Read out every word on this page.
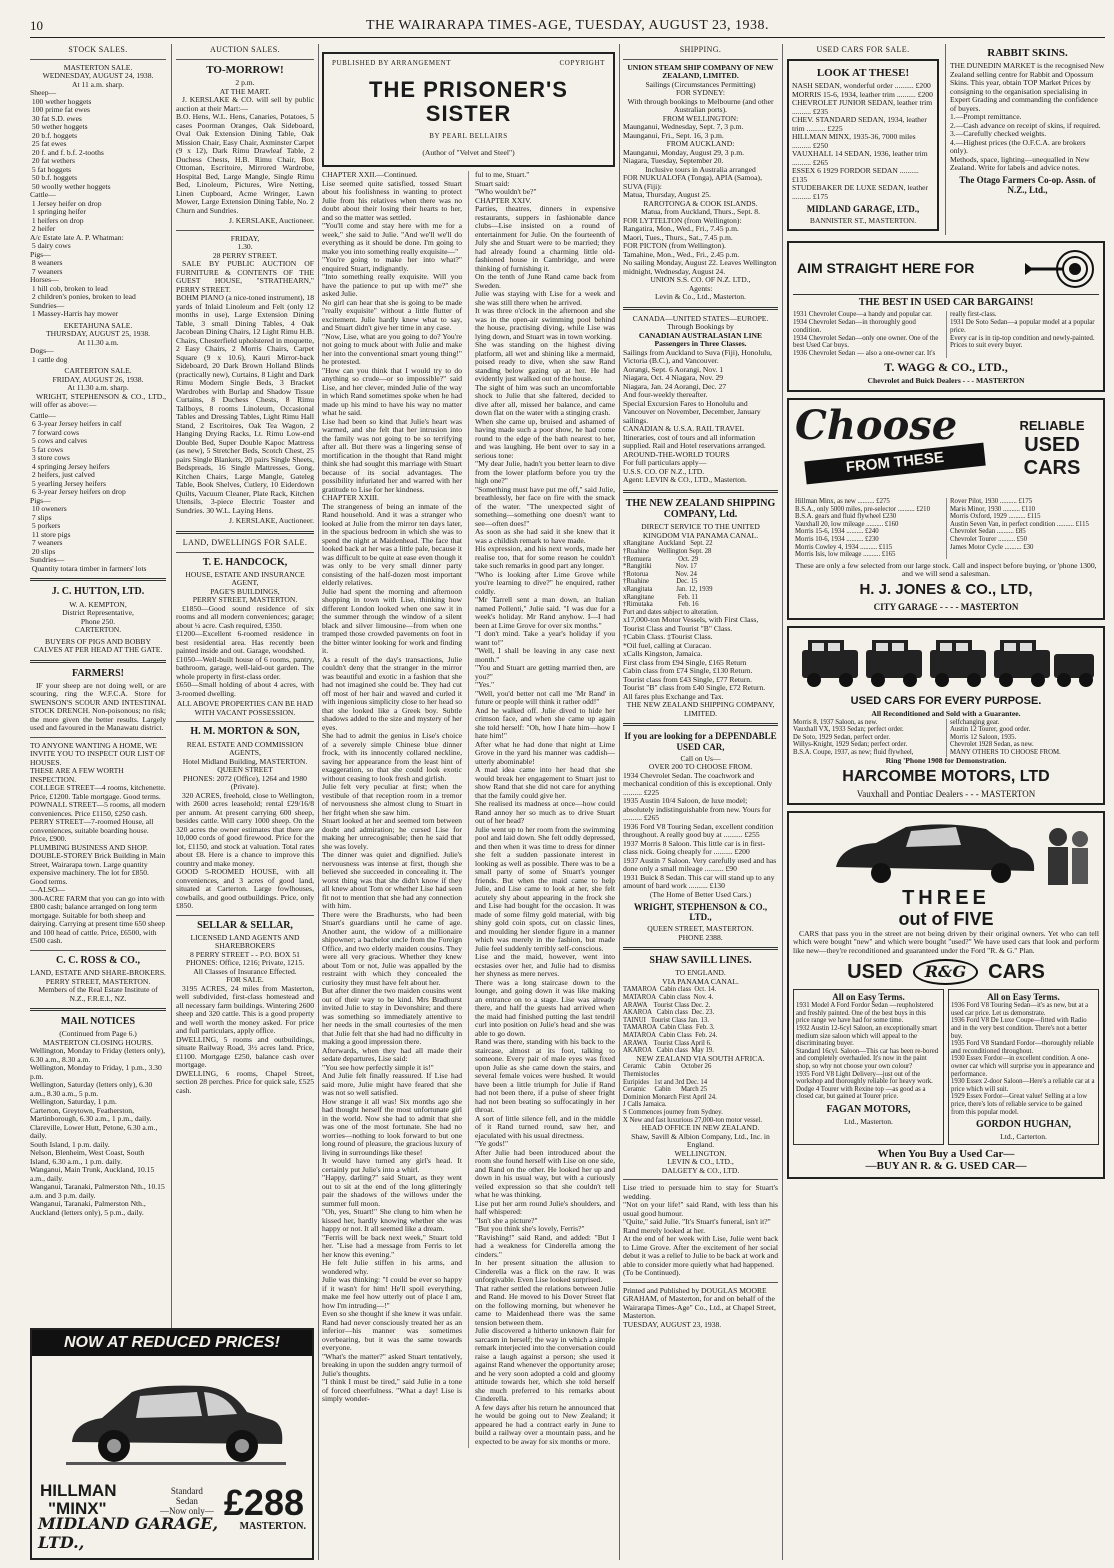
10	THE WAIRARAPA TIMES-AGE, TUESDAY, AUGUST 23, 1938.
STOCK SALES.
MASTERTON SALE.
WEDNESDAY, AUGUST 24, 1938.
At 11 a.m. sharp.
Sheep—
100 wether hoggets
100 prime fat ewes
30 fat S.D. ewes
50 wether hoggets
20 b.f. hoggets
25 fat ewes
20 f. and f. b.f. 2-tooths
20 fat wethers
5 fat hoggets
50 b.f. hoggets
50 woolly wether hoggets
Cattle—
1 Jersey heifer on drop
1 springing heifer
1 heifers on drop
2 heifer
A/c Estate late A. P. Whatman:
5 dairy cows
Pigs—
8 weaners
7 weaners
Horses—
1 hill cob, broken to lead
2 children's ponies, broken to lead
Sundries—
1 Massey-Harris hay mower
EKETAHUNA SALE.
THURSDAY, AUGUST 25, 1938.
At 11.30 a.m.
Dogs—
1 cattle dog
CARTERTON SALE.
FRIDAY, AUGUST 26, 1938.
At 11.30 a.m. sharp.
WRIGHT, STEPHENSON & CO., LTD., will offer as above:—
Cattle—
6 3-year Jersey heifers in calf
7 forward cows
5 cows and calves
5 fat cows
3 store cows
4 springing Jersey heifers
2 heifers, just calved
5 yearling Jersey heifers
6 3-year Jersey heifers on drop
Pigs—
10 oweners
7 slips
5 porkers
11 store pigs
7 weaners
20 slips
Sundries—
Quantity totara timber in farmers' lots
J. C. HUTTON, LTD.
W. A. KEMPTON,
District Representative,
Phone 250.
CARTERTON.
BUYERS OF PIGS AND BOBBY CALVES AT PER HEAD AT THE GATE.
FARMERS!
IF your sheep are not doing well, or are scouring, ring the W.F.C.A. Store for SWENSON'S SCOUR AND INTESTINAL STOCK DRENCH. Non-poisonous; no risk; the more given the better results. Largely used and favoured in the Manawatu district.
TO ANYONE WANTING A HOME, WE INVITE YOU TO INSPECT OUR LIST OF HOUSES.
THESE ARE A FEW WORTH INSPECTION.
COLLEGE STREET—4 rooms, kitchenette. Price, £1200. Table mortgage. Good terms.
POWNALL STREET—5 rooms, all modern conveniences. Price £1150, £250 cash.
PERRY STREET—7-roomed House, all conveniences, suitable boarding house. Price, £900.
PLUMBING BUSINESS AND SHOP. DOUBLE-STOREY Brick Building in Main Street, Wairarapa town. Large quantity expensive machinery. The lot for £850. Good terms.
—ALSO—
300-ACRE FARM that you can go into with £800 cash; balance arranged on long term mortgage. Suitable for both sheep and dairying. Carrying at present time 650 sheep and 100 head of cattle. Price, £6500, with £500 cash.
C. C. ROSS & CO.,
LAND, ESTATE AND SHARE-BROKERS.
PERRY STREET, MASTERTON.
Members of the Real Estate Institute of N.Z., F.R.E.I., NZ.
MAIL NOTICES
(Continued from Page 6.)
MASTERTON CLOSING HOURS.
Wellington, Monday to Friday (letters only), 6.30 a.m., 8.30 a.m.
Wellington, Monday to Friday, 1 p.m., 3.30 p.m.
Wellington, Saturday (letters only), 6.30 a.m., 8.30 a.m., 5 p.m.
Wellington, Saturday, 1 p.m.
Carterton, Greytown, Featherston, Martinborough, 6.30 a.m., 1 p.m., daily.
Clareville, Lower Hutt, Petone, 6.30 a.m., daily.
South Island, 1 p.m. daily.
Nelson, Blenheim, West Coast, South Island, 6.30 a.m., 1 p.m. daily.
Wanganui, Main Trunk, Auckland, 10.15 a.m., daily.
Wanganui, Taranaki, Palmerston Nth., 10.15 a.m. and 3 p.m. daily.
Wanganui, Taranaki, Palmerston Nth., Auckland (letters only), 5 p.m., daily.
AUCTION SALES.
TO-MORROW!
2 p.m.
AT THE MART.
J. KERSLAKE & CO. will sell by public auction at their Mart:—
B.O. Hens, W.L. Hens, Canaries, Potatoes, 5 cases Poorman Oranges, Oak Sideboard, Oval Oak Extension Dining Table, Oak Mission Chair, Easy Chair, Axminster Carpet (9 x 12), Dark Rimu Drawleaf Table, 2 Duchess Chests, H.B. Rimu Chair, Box Ottoman, Escritoire, Mirrored Wardrobe, Hospital Bed, Large Mangle, Single Rimu Bed, Linoleum, Pictures, Wire Netting, Linen Cupboard, Acme Wringer, Lawn Mower, Large Extension Dining Table, No. 2 Churn and Sundries.
J. KERSLAKE, Auctioneer.
FRIDAY,
1.30.
28 PERRY STREET.
SALE BY PUBLIC AUCTION OF FURNITURE & CONTENTS OF THE GUEST HOUSE, "STRATHEARN," PERRY STREET.
BOHM PIANO (a nice-toned instrument), 18 yards of Inlaid Linoleum and Felt (only 12 months in use), Large Extension Dining Table, 3 small Dining Tables, 4 Oak Jacobean Dining Chairs, 12 Light Rimu H.B. Chairs, Chesterfield upholstered in moquette, 2 Easy Chairs, 2 Morris Chairs, Carpet Square (9 x 10.6), Kauri Mirror-back Sideboard, 20 Dark Brown Holland Blinds (practically new), Curtains, 8 Light and Dark Rimu Modern Single Beds, 3 Bracket Wardrobes with Burlap and Shadow Tissue Curtains, 8 Duchess Chests, 8 Rimu Tallboys, 8 rooms Linoleum, Occasional Tables and Dressing Tables, Light Rimu Hall Stand, 2 Escritoires, Oak Tea Wagon, 2 Hanging Drying Racks, Lt. Rimu Low-end Double Bed, Super Double Kapoc Mattress (as new), 5 Stretcher Beds, Scotch Chest, 25 pairs Single Blankets, 20 pairs Single Sheets, Bedspreads, 16 Single Mattresses, Gong, Kitchen Chairs, Large Mangle, Gateleg Table, Book Shelves, Cutlery, 10 Eiderdown Quilts, Vacuum Cleaner, Plate Rack, Kitchen Utensils, 3-piece Electric Toaster and Sundries. 30 W.L. Laying Hens.
J. KERSLAKE, Auctioneer.
LAND, DWELLINGS FOR SALE.
T. E. HANDCOCK,
HOUSE, ESTATE AND INSURANCE AGENT,
PAGE'S BUILDINGS,
PERRY STREET, MASTERTON.
£1850—Good sound residence of six rooms and all modern conveniences; garage; about ¼ acre. Cash required, £350.
£1200—Excellent 6-roomed residence in best residential area. Has recently been painted inside and out. Garage, woodshed.
£1050—Well-built house of 6 rooms, pantry, bathroom, garage, well-laid-out garden. The whole property in first-class order.
£650—Small holding of about 4 acres, with 3-roomed dwelling.
ALL ABOVE PROPERTIES CAN BE HAD WITH VACANT POSSESSION.
H. M. MORTON & SON,
REAL ESTATE AND COMMISSION AGENTS,
Hotel Midland Building, MASTERTON.
QUEEN STREET
PHONES: 2072 (Office), 1264 and 1980 (Private).
320 ACRES, freehold, close to Wellington, with 2600 acres leasehold; rental £29/16/8 per annum. At present carrying 600 sheep, besides cattle. Will carry 1000 sheep. On the 320 acres the owner estimates that there are 10,000 cords of good firewood. Price for the lot, £1150, and stock at valuation. Total rates about £8. Here is a chance to improve this country and make money.
GOOD 5-ROOMED HOUSE, with all conveniences, and 3 acres of good land, situated at Carterton. Large fowlhouses, cowbails, and good outbuildings. Price, only £850.
SELLAR & SELLAR,
LICENSED LAND AGENTS AND SHAREBROKERS
8 PERRY STREET - - P.O. BOX 51
PHONES: Office, 1216; Private, 1215.
All Classes of Insurance Effected.
FOR SALE.
3195 ACRES, 24 miles from Masterton, well subdivided, first-class homestead and all necessary farm buildings. Wintering 2600 sheep and 320 cattle. This is a good property and well worth the money asked. For price and full particulars, apply office.
DWELLING, 5 rooms and outbuildings, situate Railway Road, 3½ acres land. Price, £1100. Mortgage £250, balance cash over mortgage.
DWELLING, 6 rooms, Chapel Street, section 28 perches. Price for quick sale, £525 cash.
NOW AT REDUCED PRICES!
HILLMAN
"MINX"
Standard
Sedan
—Now only— £288
MIDLAND GARAGE, LTD.,
MASTERTON.
PUBLISHED BY ARRANGEMENT	COPYRIGHT
THE PRISONER'S SISTER
BY PEARL BELLAIRS
(Author of "Velvet and Steel")
CHAPTER XXII.—Continued.
Lise seemed quite satisfied, tossed Stuart about his foolishness in wanting to protect Julie from his relatives when there was no doubt about their losing their hearts to her, and so the matter was settled.
"You'll come and stay here with me for a week," she said to Julie. "And we'll we'll do everything as it should be done. I'm going to make you into something really exquisite—"
"You're going to make her into what?" enquired Stuart, indignantly.
"Into something really exquisite. Will you have the patience to put up with me?" she asked Julie.
No girl can hear that she is going to be made "really exquisite" without a little flutter of excitement. Julie hardly knew what to say, and Stuart didn't give her time in any case.
"Now, Lise, what are you going to do? You're not going to muck about with Julie and make her into the conventional smart young thing!" he protested.
"How can you think that I would try to do anything so crude—or so impossible?" said Lise, and her clever, minded Julie of the way in which Rand sometimes spoke when he had made up his mind to have his way no matter what he said.
Lise had been so kind that Julie's heart was warmed, and she felt that her intrusion into the family was not going to be so terrifying after all. But there was a lingering sense of mortification in the thought that Rand might think she had sought this marriage with Stuart because of its social advantages. The possibility infuriated her and warred with her gratitude to Lise for her kindness.
CHAPTER XXIII.
The strangeness of being an inmate of the Rand household. And it was a stranger who looked at Julie from the mirror ten days later, in the spacious bedroom in which she was to spend the night at Maidenhead. The face that looked back at her was a little pale, because it was difficult to be quite at ease even though it was only to be very small dinner party consisting of the half-dozen most important elderly relatives.
Julie had spent the morning and afternoon shopping in town with Lise, thinking how different London looked when one saw it in the summer through the window of a silent black and silver limousine—from when one tramped those crowded pavements on foot in the bitter winter looking for work and finding it.
As a result of the day's transactions, Julie couldn't deny that the stranger in the mirror was beautiful and exotic in a fashion that she had not imagined she could be. They had cut off most of her hair and waved and curled it with ingenious simplicity close to her head so that she looked like a Greek boy. Subtle shadows added to the size and mystery of her eyes.
She had to admit the genius in Lise's choice of a severely simple Chinese blue dinner frock, with its innocently collared neckline, saving her appearance from the least hint of exaggeration, so that she could look exotic without ceasing to look fresh and girlish.
Julie felt very peculiar at first; when the vestibule of that reception room in a tremor of nervousness she almost clung to Stuart in her fright when she saw him.
Stuart looked at her and seemed torn between doubt and admiration; he cursed Lise for making her unrecognisable; then he said that she was lovely.
The dinner was quiet and dignified. Julie's nervousness was intense at first, though she believed she succeeded in concealing it. The worst thing was that she didn't know if they all knew about Tom or whether Lise had seen fit not to mention that she had any connection with him.
There were the Bradhursts, who had been Stuart's guardians until he came of age. Another aunt, the widow of a millionaire shipowner; a bachelor uncle from the Foreign Office, and two elderly maiden cousins. They were all very gracious. Whether they knew about Tom or not, Julie was appalled by the restraint with which they concealed the curiosity they must have felt about her.
But after dinner the two maiden cousins went out of their way to be kind. Mrs Bradhurst invited Julie to stay in Devonshire; and there was something so immediately attentive to her needs in the small courtesies of the men that Julie felt that she had had no difficulty in making a good impression there.
Afterwards, when they had all made their sedate departures, Lise said:
"You see how perfectly simple it is!"
And Julie felt finally reassured. If Lise had said more, Julie might have feared that she was not so well satisfied.
How strange it all was! Six months ago she had thought herself the most unfortunate girl in the world. Now she had to admit that she was one of the most fortunate. She had no worries—nothing to look forward to but one long round of pleasure, the gracious luxury of living in surroundings like these!
It would have turned any girl's head. It certainly put Julie's into a whirl.
"Happy, darling?" said Stuart, as they went out to sit at the end of the long glitteringly pair the shadows of the willows under the summer full moon.
"Oh, yes, Stuart!" She clung to him when he kissed her, hardly knowing whether she was happy or not. It all seemed like a dream.
"Ferris will be back next week," Stuart told her. "Lise had a message from Ferris to let her know this evening."
He felt Julie stiffen in his arms, and wondered why.
Julie was thinking: "I could be ever so happy if it wasn't for him! He'll spoil everything, make me feel how utterly out of place I am, how I'm intruding—!"
Even so she thought if she knew it was unfair. Rand had never consciously treated her as an inferior—his manner was sometimes overbearing, but it was the same towards everyone.
"What's the matter?" asked Stuart tentatively, breaking in upon the sudden angry turmoil of Julie's thoughts.
"I think I must be tired," said Julie in a tone of forced cheerfulness. "What a day! Lise is simply wonder-
ful to me, Stuart."
Stuart said:
"Who wouldn't be?"
CHAPTER XXIV.
Parties, theatres, dinners in expensive restaurants, suppers in fashionable dance clubs—Lise insisted on a round of entertainment for Julie. On the fourteenth of July she and Stuart were to be married; they had already found a charming little old-fashioned house in Cambridge, and were thinking of furnishing it.
On the tenth of June Rand came back from Sweden.
Julie was staying with Lise for a week and she was still there when he arrived.
It was three o'clock in the afternoon and she was in the open-air swimming pool behind the house, practising diving, while Lise was lying down, and Stuart was in town working.
She was standing on the highest diving platform, all wet and shining like a mermaid, poised ready to dive, when she saw Rand standing below gazing up at her. He had evidently just walked out of the house.
The sight of him was such an uncomfortable shock to Julie that she faltered, decided to dive after all, missed her balance, and came down flat on the water with a stinging crash.
When she came up, bruised and ashamed of having made such a poor show, he had come round to the edge of the bath nearest to her, and was laughing. He bent over to say in a serious tone:
"My dear Julie, hadn't you better learn to dive from the lower platform before you try the high one?"
"Something must have put me off," said Julie, breathlessly, her face on fire with the smack of the water. "The unexpected sight of something—something one doesn't want to see—often does!"
As soon as she had said it she knew that it was a childish remark to have made.
His expression, and his next words, made her realise too, that for some reason he couldn't take such remarks in good part any longer.
"Who is looking after Lime Grove while you're learning to dive?" he enquired, rather coldly.
"Mr Tarrell sent a man down, an Italian named Pollenti," Julie said. "I was due for a week's holiday. Mr Rand anyhow. I—I had been at Lime Grove for over six months."
"I don't mind. Take a year's holiday if you want to!"
"Well, I shall be leaving in any case next month."
"You and Stuart are getting married then, are you?"
"Yes."
"Well, you'd better not call me 'Mr Rand' in future or people will think it rather odd!"
And he walked off. Julie dived to hide her crimson face, and when she came up again she told herself: "Oh, how I hate him—how I hate him!"
After what he had done that night at Lime Grove in the yard his manner was caddish—utterly abominable!
A mad idea came into her head that she would break her engagement to Stuart just to show Rand that she did not care for anything that the family could give her.
She realised its madness at once—how could Rand annoy her so much as to drive Stuart out of her head?
Julie went up to her room from the swimming pool and laid down. She felt oddly depressed, and then when it was time to dress for dinner she felt a sudden passionate interest in looking as well as possible. There was to be a small party of some of Stuart's younger friends. But when the maid came to help Julie, and Lise came to look at her, she felt acutely shy about appearing in the frock she and Lise had bought for the occasion. It was made of some filmy gold material, with big shiny gold coin spots, cut on classic lines, and moulding her slender figure in a manner which was merely in the fashion, but made Julie feel suddenly terribly self-conscious.
Lise and the maid, however, went into ecstasies over her, and Julie had to dismiss her shyness as mere nerves.
There was a long staircase down to the lounge, and going down it was like making an entrance on to a stage. Lise was already there, and half the guests had arrived when the maid had finished putting the last tendril curl into position on Julie's head and she was able to go down.
Rand was there, standing with his back to the staircase, almost at its foot, talking to someone. Every pair of male eyes was fixed upon Julie as she came down the stairs, and several female voices were hushed. It would have been a little triumph for Julie if Rand had not been there, if a pulse of sheer fright had not been beating so suffocatingly in her throat.
A sort of little silence fell, and in the middle of it Rand turned round, saw her, and ejaculated with his usual directness.
"Ye gods!"
After Julie had been introduced about the room she found herself with Lise on one side, and Rand on the other. He looked her up and down in his usual way, but with a curiously veiled expression so that she couldn't tell what he was thinking.
Lise put her arm round Julie's shoulders, and half whispered:
"Isn't she a picture?"
"But you think she's lovely, Ferris?"
"Ravishing!" said Rand, and added: "But I had a weakness for Cinderella among the cinders."
In her present situation the allusion to Cinderella was a flick on the raw. It was unforgivable. Even Lise looked surprised.
That rather settled the relations between Julie and Rand. He moved to his Dover Street flat on the following morning, but whenever he came to Maidenhead there was the same tension between them.
Julie discovered a hitherto unknown flair for sarcasm in herself; the way in which a simple remark interjected into the conversation could raise a laugh against a person; she used it against Rand whenever the opportunity arose; and he very soon adopted a cold and gloomy attitude towards her, which she told herself she much preferred to his remarks about Cinderella.
A few days after his return he announced that he would be going out to New Zealand; it appeared he had a contract early in June to build a railway over a mountain pass, and he expected to be away for six months or more.
SHIPPING.
UNION STEAM SHIP COMPANY OF NEW ZEALAND, LIMITED.
Sailings (Circumstances Permitting)
FOR SYDNEY:
With through bookings to Melbourne (and other Australian ports).
FROM WELLINGTON:
Maunganui, Wednesday, Sept. 7, 3 p.m.
Maunganui, Fri., Sept. 16, 3 p.m.
FROM AUCKLAND:
Maunganui, Monday, August 29, 3 p.m.
Niagara, Tuesday, September 20.
Inclusive tours in Australia arranged
FOR NUKUALOFA (Tonga), APIA (Samoa), SUVA (Fiji):
Matua, Thursday, August 25.
RAROTONGA & COOK ISLANDS.
Matua, from Auckland, Thurs., Sept. 8.
FOR LYTTELTON (from Wellington):
Rangatira, Mon., Wed., Fri., 7.45 p.m.
Maori, Tues., Thurs., Sat., 7.45 p.m.
FOR PICTON (from Wellington).
Tamahine, Mon., Wed., Fri., 2.45 p.m.
No sailing Monday, August 22. Leaves Wellington midnight, Wednesday, August 24.
UNION S.S. CO. OF N.Z. LTD.,
Agents:
Levin & Co., Ltd., Masterton.
CANADA—UNITED STATES—EUROPE.
Through Bookings by
CANADIAN AUSTRALASIAN LINE
Passengers in Three Classes.
Sailings from Auckland to Suva (Fiji), Honolulu, Victoria (B.C.), and Vancouver.
Aorangi, Sept. 6 Aorangi, Nov. 1
Niagara, Oct. 4 Niagara, Nov. 29
Niagara, Jan. 24 Aorangi, Dec. 27
And four-weekly thereafter.
Special Excursion Fares to Honolulu and Vancouver on November, December, January sailings.
CANADIAN & U.S.A. RAIL TRAVEL
Itineraries, cost of tours and all information supplied. Rail and Hotel reservations arranged.
AROUND-THE-WORLD TOURS
For full particulars apply—
U.S.S. CO. OF N.Z., LTD.
Agent: LEVIN & CO., LTD., Masterton.
THE NEW ZEALAND SHIPPING COMPANY, Ltd.
DIRECT SERVICE TO THE UNITED KINGDOM VIA PANAMA CANAL.
xRangitane   Auckland   Sept. 22
†Ruahine     Wellington Sept. 28
†Remuera                Oct. 29
*Rangitiki              Nov. 17
†Rotorua                Nov. 24
†Ruahine                Dec. 15
xRangitata              Jan. 12, 1939
xRangitane              Feb. 11
†Rimutaka               Feb. 16
Port and dates subject to alteration.
x17,000-ton Motor Vessels, with First Class, Tourist Class and Tourist "B" Class.
†Cabin Class. ‡Tourist Class.
*Oil fuel, calling at Curacao.
xCalls Kingston, Jamaica.
First class from £94 Single, £165 Return
Cabin class from £74 Single, £130 Return.
Tourist class from £43 Single, £77 Return.
Tourist "B" class from £40 Single, £72 Return.
All fares plus Exchange and Tax.
THE NEW ZEALAND SHIPPING COMPANY, LIMITED.
If you are looking for a DEPENDABLE USED CAR,
Call on Us—
OVER 200 TO CHOOSE FROM.
1934 Chevrolet Sedan. The coachwork and mechanical condition of this is exceptional. Only .......... £225
1935 Austin 10/4 Saloon, de luxe model; absolutely indistinguishable from new. Yours for .......... £265
1936 Ford V8 Touring Sedan, excellent condition throughout. A really good buy at .......... £255
1937 Morris 8 Saloon. This little car is in first-class nick. Going cheaply for .......... £200
1937 Austin 7 Saloon. Very carefully used and has done only a small mileage .......... £90
1931 Buick 8 Sedan. This car will stand up to any amount of hard work .......... £130
(The Home of Better Used Cars.)
WRIGHT, STEPHENSON & CO., LTD.,
QUEEN STREET, MASTERTON.
PHONE 2388.
SHAW SAVILL LINES.
TO ENGLAND.
VIA PANAMA CANAL.
TAMAROA  Cabin class  Oct. 14.
MATAROA  Cabin class  Nov. 4.
ARAWA    Tourist Class Dec. 2.
AKAROA   Cabin class  Dec. 23.
TAINUI   Tourist Class Jan. 13.
TAMAROA  Cabin Class  Feb. 3.
MATAROA  Cabin Class  Feb. 24.
ARAWA    Tourist Class April 6.
AKAROA   Cabin class  May 19.
NEW ZEALAND VIA SOUTH AFRICA.
Ceramic     Cabin      October 26
Themistocles
Euripides   1st and 3rd Dec. 14
Ceramic     Cabin      March 25
Dominion Monarch First April 24.
J Calls Jamaica.
S Commences journey from Sydney.
X New and fast luxurious 27,000-ton motor vessel.
HEAD OFFICE IN NEW ZEALAND.
Shaw, Savill & Albion Company, Ltd., Inc. in England.
WELLINGTON.
LEVIN & CO., LTD.,
DALGETY & CO., LTD.
Lise tried to persuade him to stay for Stuart's wedding.
"Not on your life!" said Rand, with less than his usual good humour.
"Quite," said Julie. "It's Stuart's funeral, isn't it?"
Rand merely looked at her.
At the end of her week with Lise, Julie went back to Lime Grove. After the excitement of her social debut it was a relief to Julie to be back at work and able to consider more quietly what had happened.
(To be Continued).
Printed and Published by DOUGLAS MOORE GRAHAM, of Masterton, for and on behalf of the Wairarapa Times-Age" Co., Ltd., at Chapel Street, Masterton.
TUESDAY, AUGUST 23, 1938.
USED CARS FOR SALE.
LOOK AT THESE!
NASH SEDAN, wonderful order .......... £200
MORRIS 15-6, 1934, leather trim .......... £200
CHEVROLET JUNIOR SEDAN, leather trim .......... £235
CHEV. STANDARD SEDAN, 1934, leather trim .......... £225
HILLMAN MINX, 1935-36, 7000 miles .......... £250
VAUXHALL 14 SEDAN, 1936, leather trim .......... £265
ESSEX 6 1929 FORDOR SEDAN .......... £135
STUDEBAKER DE LUXE SEDAN, leather .......... £175
MIDLAND GARAGE, LTD.,
BANNISTER ST., MASTERTON.
RABBIT SKINS.
THE DUNEDIN MARKET is the recognised New Zealand selling centre for Rabbit and Opossum Skins. This year, obtain TOP Market Prices by consigning to the organisation specialising in Expert Grading and commanding the confidence of buyers.
1.—Prompt remittance.
2.—Cash advance on receipt of skins, if required.
3.—Carefully checked weights.
4.—Highest prices (the O.F.C.A. are brokers only).
Methods, space, lighting—unequalled in New Zealand. Write for labels and advice notes.
The Otago Farmers Co-op. Assn. of N.Z., Ltd.,
AIM STRAIGHT HERE FOR
THE BEST IN USED CAR BARGAINS!
1931 Chevrolet Coupe—a handy and popular car.
1934 Chevrolet Sedan—in thoroughly good condition.
1934 Chevrolet Sedan—only one owner. One of the best Used Car buys.
1936 Chevrolet Sedan — also a one-owner car. It's really first-class.
1931 De Soto Sedan—a popular model at a popular price.
Every car is in tip-top condition and newly-painted. Prices to suit every buyer.
T. WAGG & CO., LTD.,
Chevrolet and Buick Dealers - - - MASTERTON
Choose
FROM THESE
RELIABLE
USED
CARS
Hillman Minx, as new .......... £275
B.S.A., only 5000 miles, pre-selector .......... £210
B.S.A. gears and fluid flywheel £230
Vauxhall 20, low mileage .......... £160
Morris 15-6, 1934 .......... £240
Morris 10-6, 1934 .......... £230
Morris Cowley 4, 1934 .......... £115
Morris Isis, low mileage .......... £165
Rover Pilot, 1930 .......... £175
Maris Minor, 1930 .......... £110
Morris Oxford, 1929 .......... £115
Austin Seven Van, in perfect condition .......... £115
Chevrolet Sedan .......... £85
Chevrolet Tourer .......... £50
James Motor Cycle .......... £30
These are only a few selected from our large stock. Call and inspect before buying, or 'phone 1300, and we will send a salesman.
H. J. JONES & CO., LTD,
CITY GARAGE - - - - MASTERTON
USED CARS FOR EVERY PURPOSE.
All Reconditioned and Sold with a Guarantee.
Morris 8, 1937 Saloon, as new.
Vauxhall VX, 1933 Sedan; perfect order.
De Soto, 1929 Sedan, perfect order.
Willys-Knight, 1929 Sedan; perfect order.
B.S.A. Coupe, 1937, as new; fluid flywheel, selfchanging gear.
Austin 12 Tourer, good order.
Morris 12 Saloon, 1935.
Chevrolet 1928 Sedan, as new.
MANY OTHERS TO CHOOSE FROM.
Ring 'Phone 1908 for Demonstration.
HARCOMBE MOTORS, LTD
Vauxhall and Pontiac Dealers - - - MASTERTON
THREE
out of FIVE
CARS that pass you in the street are not being driven by their original owners. Yet who can tell which were bought "new" and which were bought "used?" We have used cars that look and perform like new—they're reconditioned and guaranteed under the Ford "R. & G." Plan.
USED	R&G	CARS
All on Easy Terms.
1931 Model A Ford Fordor Sedan —reupholstered and freshly painted. One of the best buys in this price range we have had for some time.
1932 Austin 12-6cyl Saloon, an exceptionally smart medium size saloon which will appeal to the discriminating buyer.
Standard 16cyl. Saloon—This car has been re-bored and completely overhauled. It's now in the paint shop, so why not choose your own colour?
1935 Ford V8 Light Delivery—just out of the workshop and thoroughly reliable for heavy work.
Dodge 4 Tourer with Rexine top —as good as a closed car, but gained at Tourer price.
FAGAN MOTORS,
Ltd., Masterton.
All on Easy Terms.
1936 Ford V8 Touring Sedan—it's as new, but at a used car price. Let us demonstrate.
1936 Ford V8 De Luxe Coupe—fitted with Radio and in the very best condition. There's not a better buy.
1935 Ford V8 Standard Fordor—thoroughly reliable and reconditioned throughout.
1930 Essex Fordor—in excellent condition. A one-owner car which will surprise you in appearance and performance.
1930 Essex 2-door Saloon—Here's a reliable car at a price which will suit.
1929 Essex Fordor—Great value! Selling at a low price, there's lots of reliable service to be gained from this popular model.
GORDON HUGHAN,
Ltd., Carterton.
When You Buy a Used Car—
—BUY AN R. & G. USED CAR—
